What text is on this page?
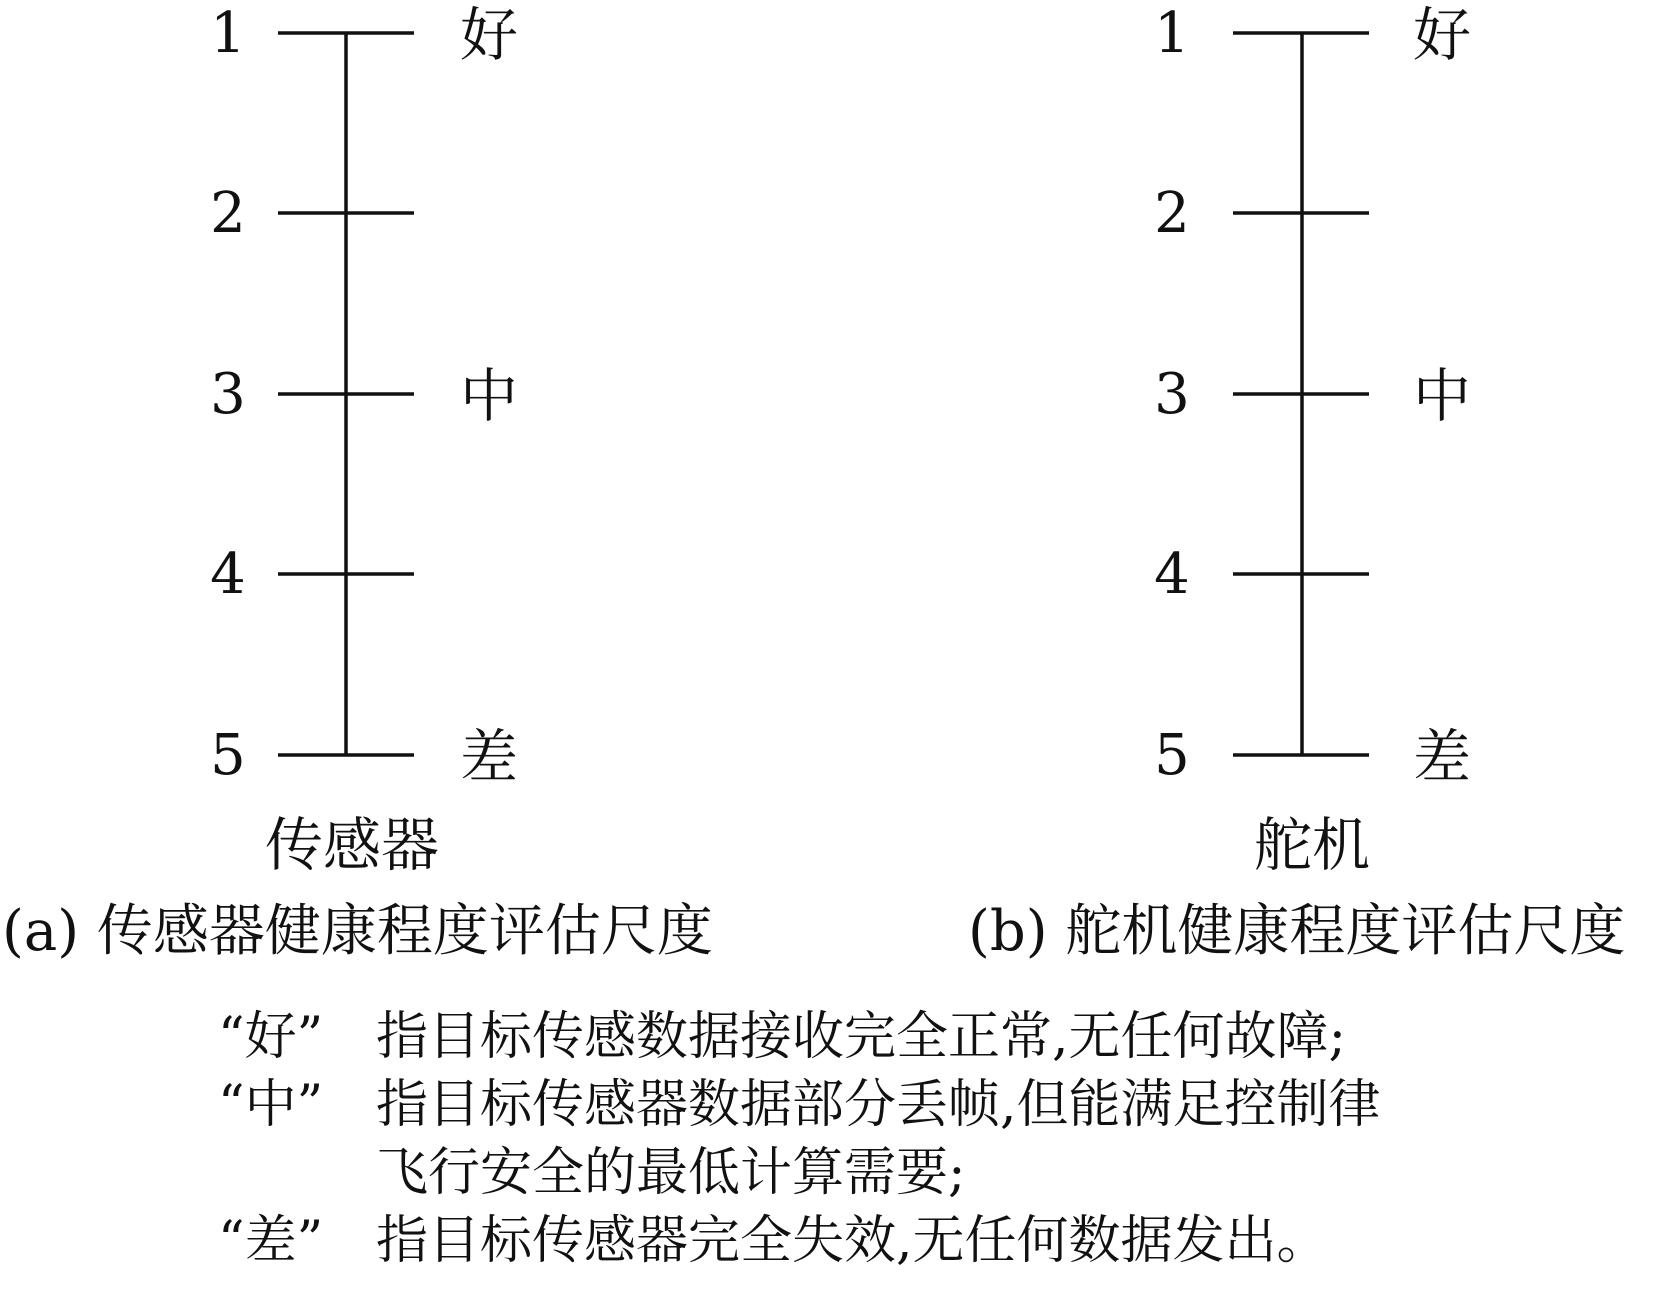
1
2
3
4
5
好
中
差
传感器
1
2
3
4
5
好
中
差
舵机
(a) 传感器健康程度评估尺度	(b) 舵机健康程度评估尺度
“好” 指目标传感数据接收完全正常,无任何故障;
“中” 指目标传感器数据部分丢帧,但能满足控制律
飞行安全的最低计算需要;
“差” 指目标传感器完全失效,无任何数据发出。
